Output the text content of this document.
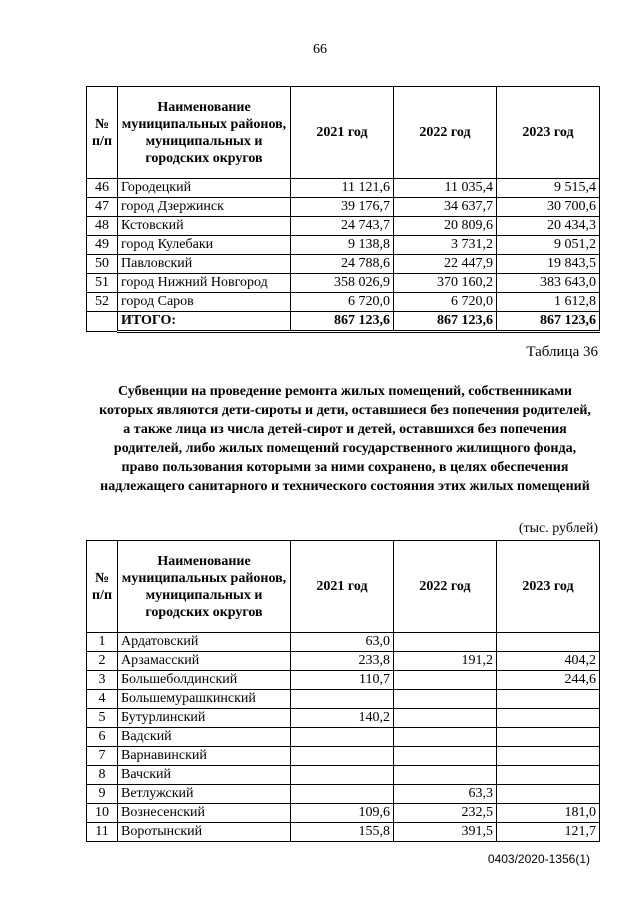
66
№ п/п	Наименование муниципальных районов, муниципальных и городских округов	2021 год	2022 год	2023 год
46	Городецкий	11 121,6	11 035,4	9 515,4
47	город Дзержинск	39 176,7	34 637,7	30 700,6
48	Кстовский	24 743,7	20 809,6	20 434,3
49	город Кулебаки	9 138,8	3 731,2	9 051,2
50	Павловский	24 788,6	22 447,9	19 843,5
51	город Нижний Новгород	358 026,9	370 160,2	383 643,0
52	город Саров	6 720,0	6 720,0	1 612,8
	ИТОГО:	867 123,6	867 123,6	867 123,6
Таблица 36
Субвенции на проведение ремонта жилых помещений, собственниками которых являются дети-сироты и дети, оставшиеся без попечения родителей, а также лица из числа детей-сирот и детей, оставшихся без попечения родителей, либо жилых помещений государственного жилищного фонда, право пользования которыми за ними сохранено, в целях обеспечения надлежащего санитарного и технического состояния этих жилых помещений
(тыс. рублей)
№ п/п	Наименование муниципальных районов, муниципальных и городских округов	2021 год	2022 год	2023 год
1	Ардатовский	63,0		
2	Арзамасский	233,8	191,2	404,2
3	Большеболдинский	110,7		244,6
4	Большемурашкинский			
5	Бутурлинский	140,2		
6	Вадский			
7	Варнавинский			
8	Вачский			
9	Ветлужский		63,3	
10	Вознесенский	109,6	232,5	181,0
11	Воротынский	155,8	391,5	121,7
0403/2020-1356(1)
